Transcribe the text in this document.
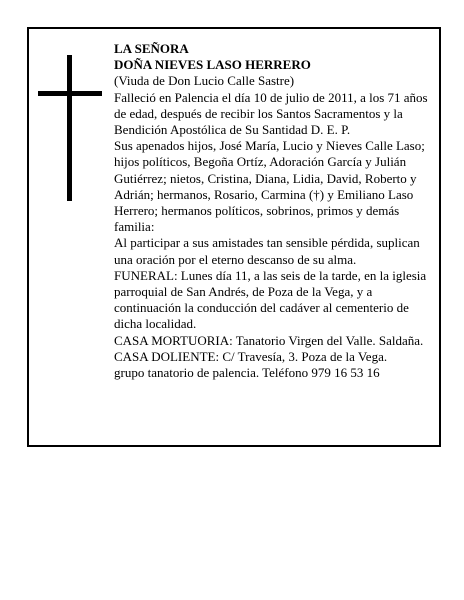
LA SEÑORA
DOÑA NIEVES LASO HERRERO
(Viuda de Don Lucio Calle Sastre)
Falleció en Palencia el día 10 de julio de 2011, a los 71 años de edad, después de recibir los Santos Sacramentos y la Bendición Apostólica de Su Santidad D. E. P.
Sus apenados hijos, José María, Lucio y Nieves Calle Laso; hijos políticos, Begoña Ortíz, Adoración García y Julián Gutiérrez; nietos, Cristina, Diana, Lidia, David, Roberto y Adrián; hermanos, Rosario, Carmina (†) y Emiliano Laso Herrero; hermanos políticos, sobrinos, primos y demás familia:
Al participar a sus amistades tan sensible pérdida, suplican una oración por el eterno descanso de su alma.
FUNERAL: Lunes día 11, a las seis de la tarde, en la iglesia parroquial de San Andrés, de Poza de la Vega, y a continuación la conducción del cadáver al cementerio de dicha localidad.
CASA MORTUORIA: Tanatorio Virgen del Valle. Saldaña.
CASA DOLIENTE: C/ Travesía, 3. Poza de la Vega.
grupo tanatorio de palencia. Teléfono 979 16 53 16
